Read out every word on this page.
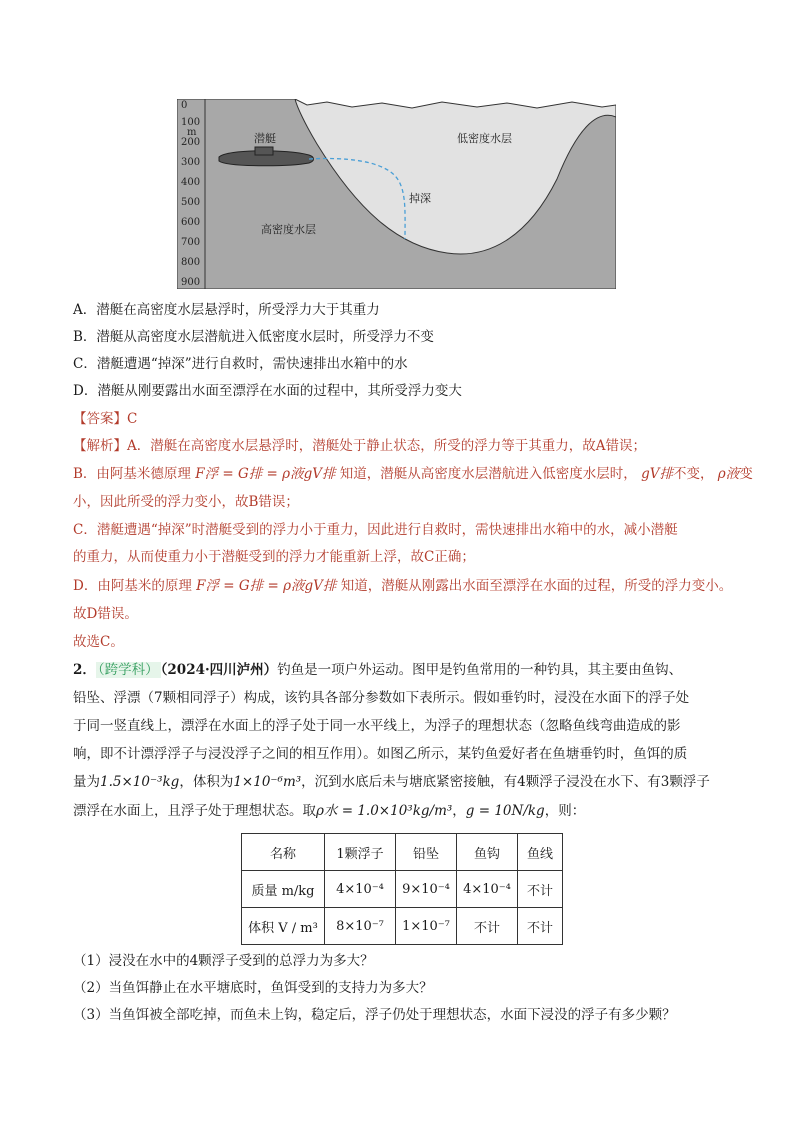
0
100
m
200
300
400
500
600
700
800
900
潜艇	低密度水层
高密度水层
掉深
A．潜艇在高密度水层悬浮时，所受浮力大于其重力
B．潜艇从高密度水层潜航进入低密度水层时，所受浮力不变
C．潜艇遭遇“掉深”进行自救时，需快速排出水箱中的水
D．潜艇从刚要露出水面至漂浮在水面的过程中，其所受浮力变大
【答案】C
【解析】A．潜艇在高密度水层悬浮时，潜艇处于静止状态，所受的浮力等于其重力，故A错误；
B．由阿基米德原理 F浮 = G排 = ρ液gV排 知道，潜艇从高密度水层潜航进入低密度水层时， gV排不变， ρ液变
小，因此所受的浮力变小，故B错误；
C．潜艇遭遇“掉深”时潜艇受到的浮力小于重力，因此进行自救时，需快速排出水箱中的水，减小潜艇
的重力，从而使重力小于潜艇受到的浮力才能重新上浮，故C正确；
D．由阿基米的原理 F浮 = G排 = ρ液gV排 知道，潜艇从刚露出水面至漂浮在水面的过程，所受的浮力变小。
故D错误。
故选C。
2． （跨学科） （2024·四川泸州）钓鱼是一项户外运动。图甲是钓鱼常用的一种钓具，其主要由鱼钩、
铅坠、浮漂（7颗相同浮子）构成，该钓具各部分参数如下表所示。假如垂钓时，浸没在水面下的浮子处
于同一竖直线上，漂浮在水面上的浮子处于同一水平线上，为浮子的理想状态（忽略鱼线弯曲造成的影
响，即不计漂浮浮子与浸没浮子之间的相互作用）。如图乙所示，某钓鱼爱好者在鱼塘垂钓时，鱼饵的质
量为1.5×10⁻³kg，体积为1×10⁻⁶m³，沉到水底后未与塘底紧密接触，有4颗浮子浸没在水下、有3颗浮子
漂浮在水面上，且浮子处于理想状态。取ρ水 = 1.0×10³kg/m³，g = 10N/kg，则：
名称	1颗浮子	铅坠	鱼钩	鱼线
质量 m/kg	4×10⁻⁴	9×10⁻⁴	4×10⁻⁴	不计
体积 V / m³	8×10⁻⁷	1×10⁻⁷	不计	不计
（1）浸没在水中的4颗浮子受到的总浮力为多大？
（2）当鱼饵静止在水平塘底时，鱼饵受到的支持力为多大？
（3）当鱼饵被全部吃掉，而鱼未上钩，稳定后，浮子仍处于理想状态，水面下浸没的浮子有多少颗？
